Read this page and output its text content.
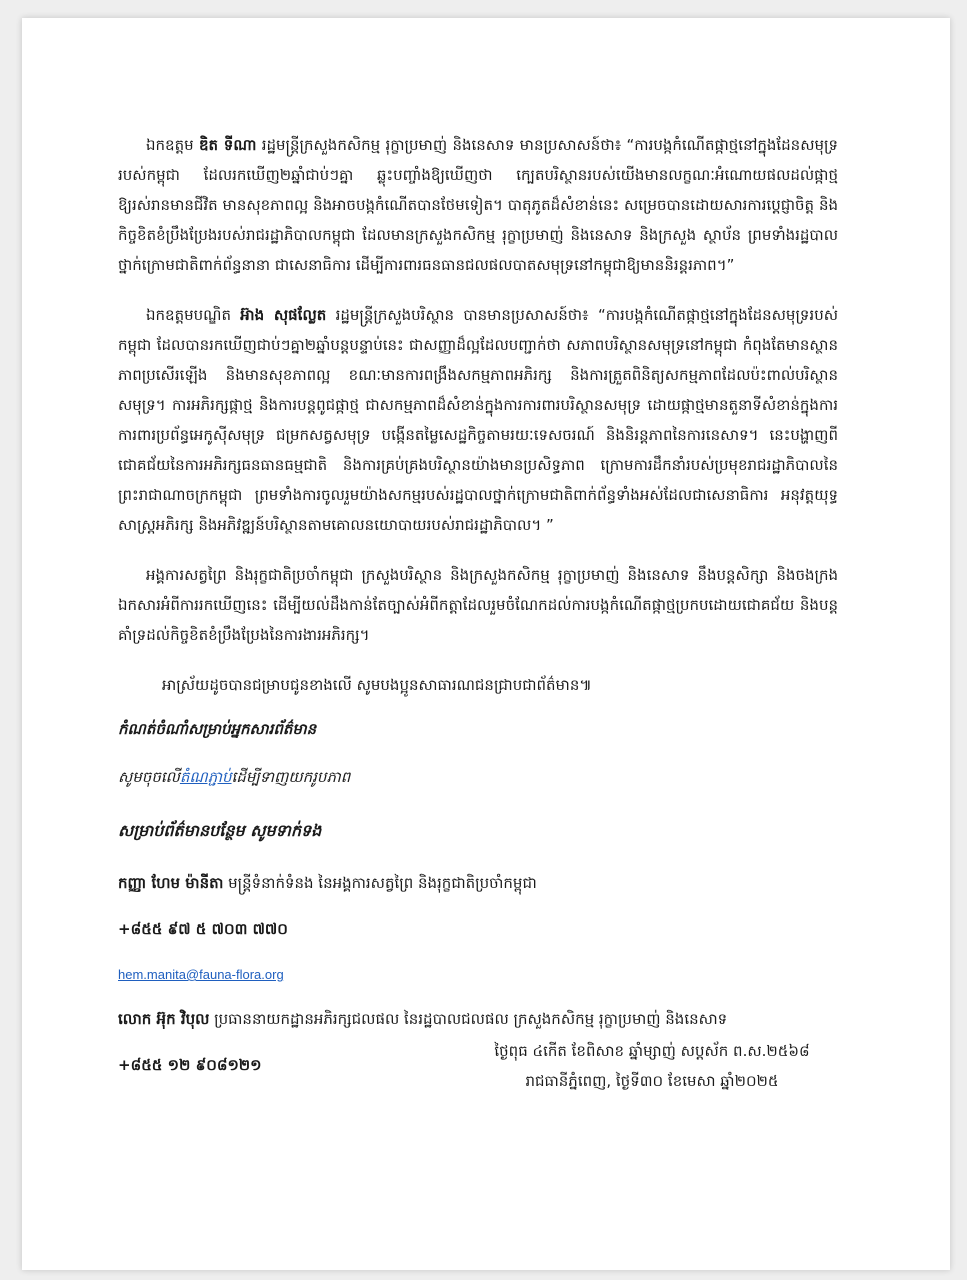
ឯកឧត្តម ឌិត ទីណា រដ្ឋមន្ត្រីក្រសួងកសិកម្ម រុក្ខាប្រមាញ់ និងនេសាទ មានប្រសាសន៍ថា៖ “ការបង្កកំណើតផ្កាថ្មនៅក្នុងដែនសមុទ្ររបស់កម្ពុជា ដែលរកឃើញ២ឆ្នាំជាប់ៗគ្នា ឆ្លុះបញ្ចាំងឱ្យឃើញថា ក្បេតបរិស្ថានរបស់យើងមានលក្ខណៈអំណោយផលដល់ផ្កាថ្ម ឱ្យរស់រានមានជីវិត មានសុខភាពល្អ និងអាចបង្កកំណើតបានថែមទៀត។ បាតុភូតដ៏សំខាន់នេះ សម្រេចបានដោយសារការប្តេជ្ញាចិត្ត និងកិច្ចខិតខំប្រឹងប្រែងរបស់រាជរដ្ឋាភិបាលកម្ពុជា ដែលមានក្រសួងកសិកម្ម រុក្ខាប្រមាញ់ និងនេសាទ និងក្រសួង ស្ថាប័ន ព្រមទាំងរដ្ឋបាលថ្នាក់ក្រោមជាតិពាក់ព័ន្ធនានា ជាសេនាធិការ ដើម្បីការពារធនធានជលផលបាតសមុទ្រនៅកម្ពុជាឱ្យមាននិរន្តរភាព។”

ឯកឧត្តមបណ្ឌិត អ៊ាង សុផល្លែត រដ្ឋមន្ត្រីក្រសួងបរិស្ថាន បានមានប្រសាសន៍ថា៖ “ការបង្កកំណើតផ្កាថ្មនៅក្នុងដែនសមុទ្ររបស់កម្ពុជា ដែលបានរកឃើញជាប់ៗគ្នា២ឆ្នាំបន្តបន្ទាប់នេះ ជាសញ្ញាដ៏ល្អដែលបញ្ជាក់ថា សភាពបរិស្ថានសមុទ្រនៅកម្ពុជា កំពុងតែមានស្ថានភាពប្រសើរឡើង និងមានសុខភាពល្អ ខណៈមានការពង្រឹងសកម្មភាពអភិរក្ស និងការត្រួតពិនិត្យសកម្មភាពដែលប៉ះពាល់បរិស្ថានសមុទ្រ។ ការអភិរក្សផ្កាថ្ម និងការបន្តពូជផ្កាថ្ម ជាសកម្មភាពដ៏សំខាន់ក្នុងការការពារបរិស្ថានសមុទ្រ ដោយផ្កាថ្មមានតួនាទីសំខាន់ក្នុងការការពារប្រព័ន្ធអេកូស៊ីសមុទ្រ ជម្រកសត្វសមុទ្រ បង្កើនតម្លៃសេដ្ឋកិច្ចតាមរយៈទេសចរណ៍ និងនិរន្តភាពនៃការនេសាទ។ នេះបង្ហាញពីជោគជ័យនៃការអភិរក្សធនធានធម្មជាតិ និងការគ្រប់គ្រងបរិស្ថានយ៉ាងមានប្រសិទ្ធភាព ក្រោមការដឹកនាំរបស់ប្រមុខរាជរដ្ឋាភិបាលនៃព្រះរាជាណាចក្រកម្ពុជា ព្រមទាំងការចូលរួមយ៉ាងសកម្មរបស់រដ្ឋបាលថ្នាក់ក្រោមជាតិពាក់ព័ន្ធទាំងអស់ដែលជាសេនាធិការ អនុវត្តយុទ្ធសាស្ត្រអភិរក្ស និងអភិវឌ្ឍន៍បរិស្ថានតាមគោលនយោបាយរបស់រាជរដ្ឋាភិបាល។ ”

អង្គការសត្វព្រៃ និងរុក្ខជាតិប្រចាំកម្ពុជា ក្រសួងបរិស្ថាន និងក្រសួងកសិកម្ម រុក្ខាប្រមាញ់ និងនេសាទ នឹងបន្តសិក្សា និងចងក្រងឯកសារអំពីការរកឃើញនេះ ដើម្បីយល់ដឹងកាន់តែច្បាស់អំពីកត្តាដែលរួមចំណែកដល់ការបង្កកំណើតផ្កាថ្មប្រកបដោយជោគជ័យ និងបន្តគាំទ្រដល់កិច្ចខិតខំប្រឹងប្រែងនៃការងារអភិរក្ស។

អាស្រ័យដូចបានជម្រាបជូនខាងលើ សូមបងប្អូនសាធារណជនជ្រាបជាព័ត៌មាន៕

កំណត់ចំណាំសម្រាប់អ្នកសារព័ត៌មាន
សូមចុចលើតំណភ្ជាប់ដើម្បីទាញយករូបភាព
សម្រាប់ព័ត៌មានបន្ថែម សូមទាក់ទង
កញ្ញា ហែម ម៉ានីតា មន្ត្រីទំនាក់ទំនង នៃអង្គការសត្វព្រៃ និងរុក្ខជាតិប្រចាំកម្ពុជា
+៨៥៥ ៩៧ ៥ ៧០៣ ៧៧០
hem.manita@fauna-flora.org
លោក អ៊ុក វិបុល ប្រធាននាយកដ្ឋានអភិរក្សជលផល នៃរដ្ឋបាលជលផល ក្រសួងកសិកម្ម រុក្ខាប្រមាញ់ និងនេសាទ
+៨៥៥ ១២ ៩០៨១២១
ថ្ងៃពុធ ៤កើត ខែពិសាខ ឆ្នាំម្សាញ់ សប្តស័ក ព.ស.២៥៦៨
រាជធានីភ្នំពេញ, ថ្ងៃទី៣០ ខែមេសា ឆ្នាំ២០២៥
